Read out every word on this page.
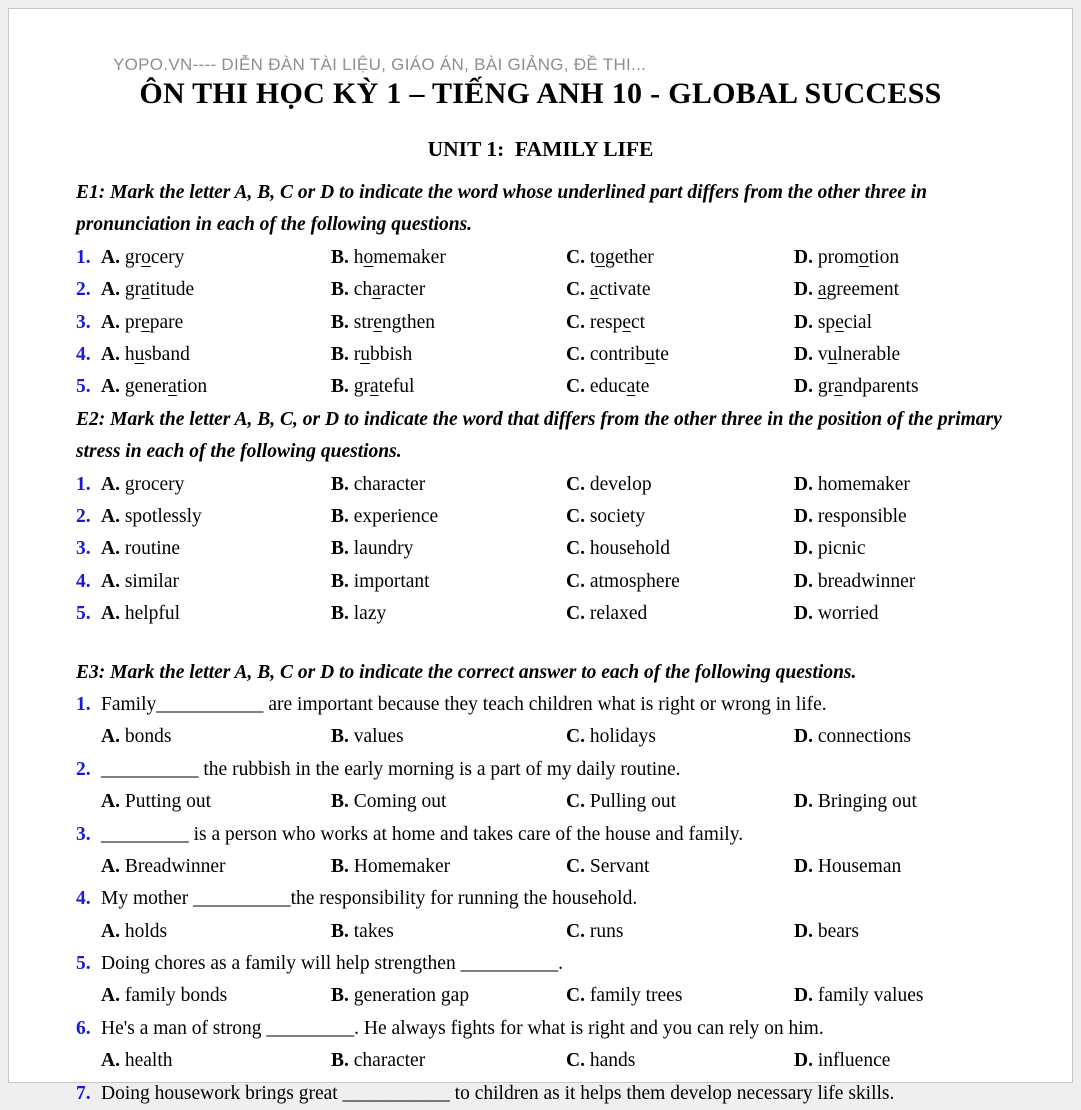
YOPO.VN---- DIỄN ĐÀN TÀI LIỆU, GIÁO ÁN, BÀI GIẢNG, ĐỀ THI...
ÔN THI HỌC KỲ 1 – TIẾNG ANH 10 - GLOBAL SUCCESS
UNIT 1:  FAMILY LIFE

E1: Mark the letter A, B, C or D to indicate the word whose underlined part differs from the other three in pronunciation in each of the following questions.

1. A. grocery	B. homemaker	C. together	D. promotion
2. A. gratitude	B. character	C. activate	D. agreement
3. A. prepare	B. strengthen	C. respect	D. special
4. A. husband	B. rubbish	C. contribute	D. vulnerable
5. A. generation	B. grateful	C. educate	D. grandparents

E2: Mark the letter A, B, C, or D to indicate the word that differs from the other three in the position of the primary stress in each of the following questions.

1. A. grocery	B. character	C. develop	D. homemaker
2. A. spotlessly	B. experience	C. society	D. responsible
3. A. routine	B. laundry	C. household	D. picnic
4. A. similar	B. important	C. atmosphere	D. breadwinner
5. A. helpful	B. lazy	C. relaxed	D. worried

E3: Mark the letter A, B, C or D to indicate the correct answer to each of the following questions.

1. Family___________ are important because they teach children what is right or wrong in life.
A. bonds	B. values	C. holidays	D. connections
2. __________ the rubbish in the early morning is a part of my daily routine.
A. Putting out	B. Coming out	C. Pulling out	D. Bringing out
3. _________ is a person who works at home and takes care of the house and family.
A. Breadwinner	B. Homemaker	C. Servant	D. Houseman
4. My mother __________the responsibility for running the household.
A. holds	B. takes	C. runs	D. bears
5. Doing chores as a family will help strengthen __________.
A. family bonds	B. generation gap	C. family trees	D. family values
6. He's a man of strong _________. He always fights for what is right and you can rely on him.
A. health	B. character	C. hands	D. influence
7. Doing housework brings great ___________ to children as it helps them develop necessary life skills.
